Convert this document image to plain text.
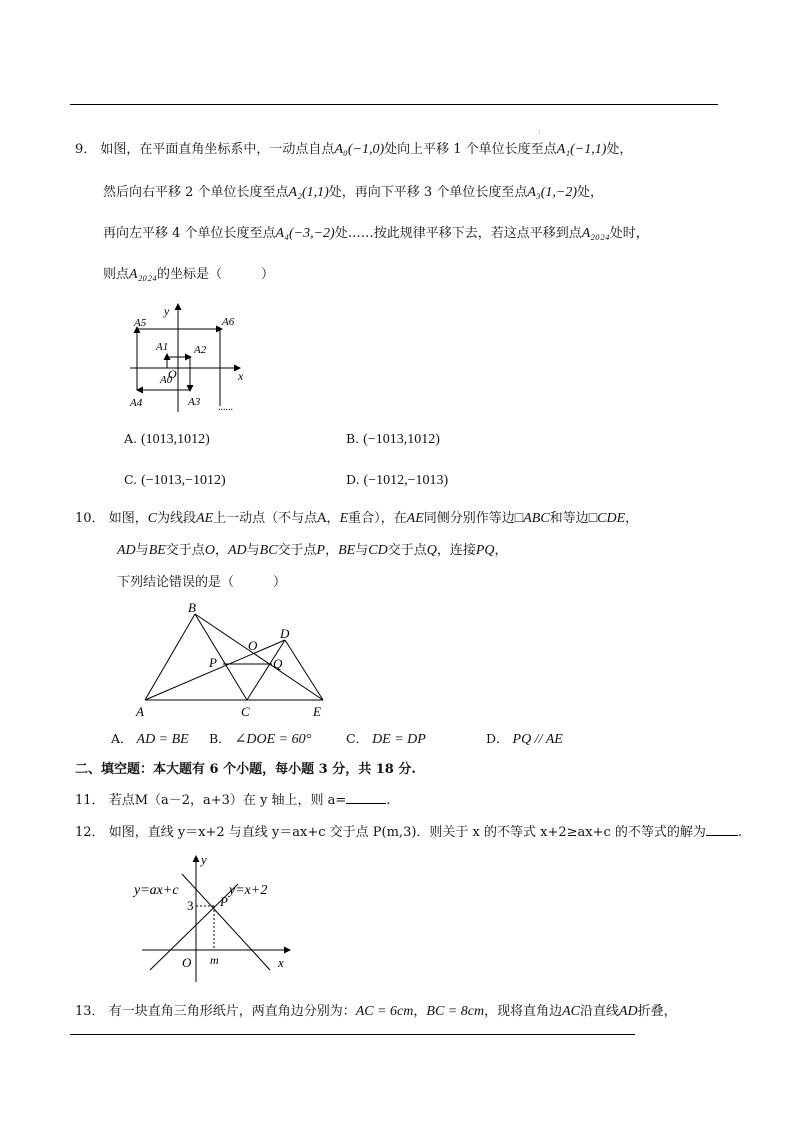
:
9． 如图，在平面直角坐标系中，一动点自点A₀(−1,0)处向上平移 1 个单位长度至点A₁(−1,1)处，
然后向右平移 2 个单位长度至点A₂(1,1)处，再向下平移 3 个单位长度至点A₃(1,−2)处，
再向左平移 4 个单位长度至点A₄(−3,−2)处……按此规律平移下去，若这点平移到点A₂₀₂₄处时，
则点A₂₀₂₄的坐标是（　　　）
y
x
A5	A6
A1 A2
O
A0
A4	A3 ......
A. (1013,1012)	B. (−1013,1012)
C. (−1013,−1012)	D. (−1012,−1013)
10． 如图，C为线段AE上一动点（不与点A，E重合），在AE同侧分别作等边□ABC和等边□CDE，
AD与BE交于点O，AD与BC交于点P，BE与CD交于点Q，连接PQ，
下列结论错误的是（　　　）
A
B
C
D
E
O
P	Q
A． AD = BE B． ∠DOE = 60°	C． DE = DP	D． PQ // AE
二、填空题：本大题有 6 个小题，每小题 3 分，共 18 分.
11． 若点M（a－2，a+3）在 y 轴上，则 a=	.
12． 如图，直线 y＝x+2 与直线 y＝ax+c 交于点 P(m,3)．则关于 x 的不等式 x+2≥ax+c 的不等式的解为 .
y
x
O m
3 P
y=ax+c	y=x+2
13． 有一块直角三角形纸片，两直角边分别为：AC = 6cm，BC = 8cm，现将直角边AC沿直线AD折叠，
